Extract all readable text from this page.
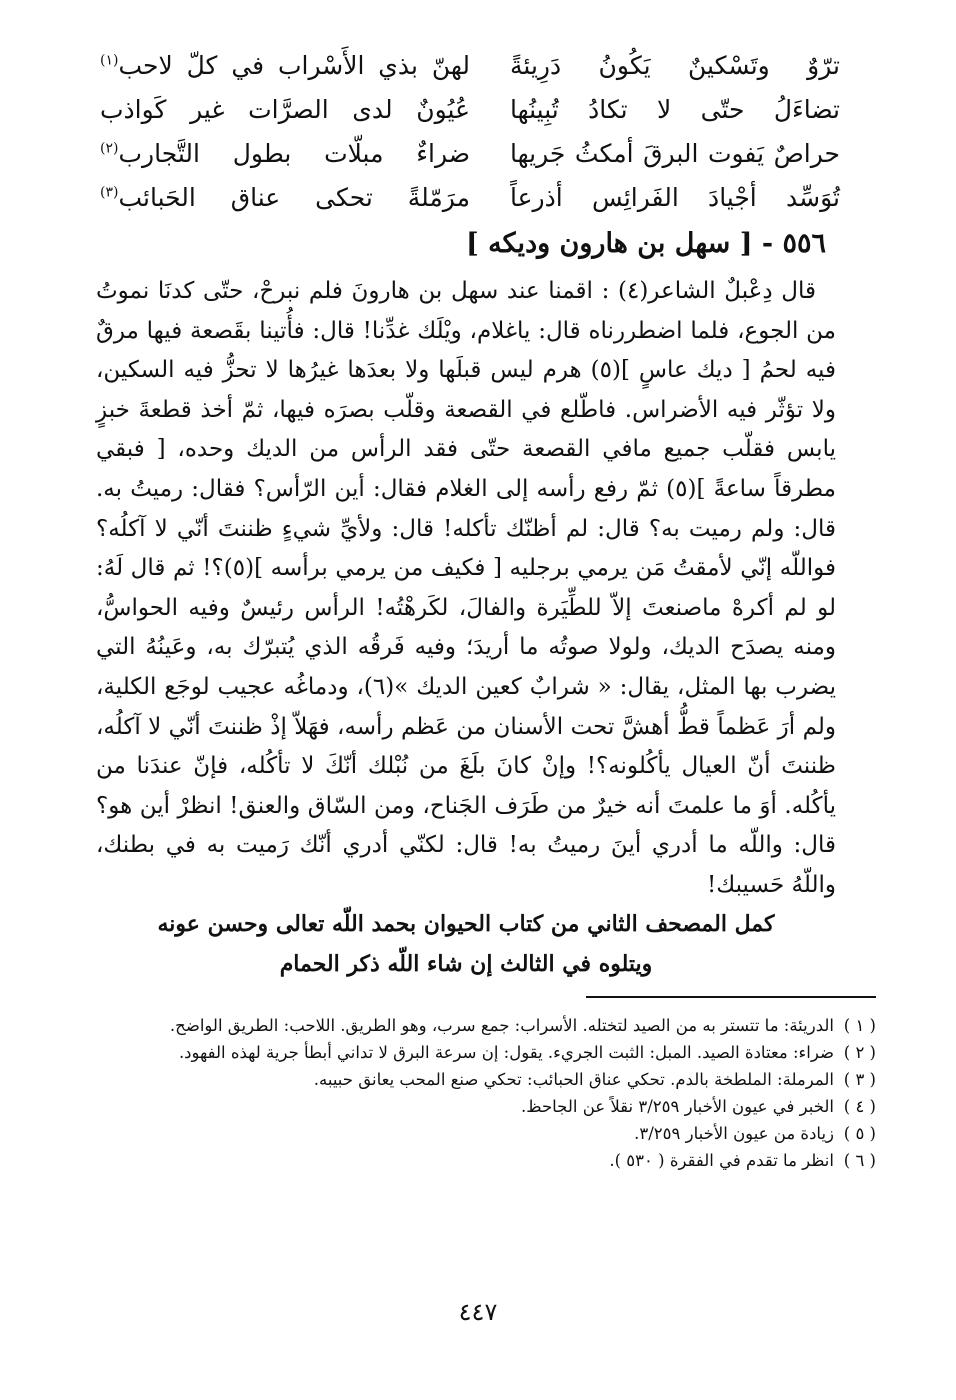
ترّوٌ وتَسْكينٌ يَكُونُ دَرِيئةً
لهنّ بذي الأَسْراب في كلّ لاحب$^{(١)}$
تضاءَلُ حتّى لا تكادُ تُبِينُها
عُيُونٌ لدى الصرَّات غير كَواذب
حراصٌ يَفوت البرقَ أمكثُ جَريها
ضراءٌ مبلّات بطول التَّجارب$^{(٢)}$
تُوَسِّد أجْيادَ الفَرائِس أذرعاً
مرَمّلةً تحكى عناق الحَبائب$^{(٣)}$
٥٥٦ - [ سهل بن هارون وديكه ]

قال دِعْبلٌ الشاعر(٤) : اقمنا عند سهل بن هارونَ فلم نبرحْ، حتّى كدنَا نموتُ من الجوع، فلما اضطررناه قال: ياغلام، ويْلَك غدِّنا! قال: فأُتينا بقَصعة فيها مرقٌ فيه لحمُ [ ديك عاسٍ ](٥) هرم ليس قبلَها ولا بعدَها غيرُها لا تحزُّ فيه السكين، ولا تؤثّر فيه الأضراس. فاطّلع في القصعة وقلّب بصرَه فيها، ثمّ أخذ قطعةَ خبزٍ يابس فقلّب جميع مافي القصعة حتّى فقد الرأس من الديك وحده، [ فبقي مطرقاً ساعةً ](٥) ثمّ رفع رأسه إلى الغلام فقال: أين الرّأس؟ فقال: رميتُ به. قال: ولم رميت به؟ قال: لم أظنّك تأكله! قال: ولأيِّ شيءٍ ظننتَ أنّي لا آكلُه؟ فواللّه إنّي لأمقتُ مَن يرمي برجليه [ فكيف من يرمي برأسه ](٥)؟! ثم قال لَهُ: لو لم أكرهْ ماصنعتَ إلاّ للطِّيَرة والفالَ، لكَرهْتُه! الرأس رئيسٌ وفيه الحواسُّ، ومنه يصدَح الديك، ولولا صوتُه ما أريدَ؛ وفيه فَرقُه الذي يُتبرّك به، وعَينُهُ التي يضرب بها المثل، يقال: « شرابٌ كعين الديك »(٦)، ودماغُه عجيب لوجَع الكلية، ولم أرَ عَظماً قطُّ أهشَّ تحت الأسنان من عَظم رأسه، فهَلاّ إذْ ظننتَ أنّي لا آكلُه، ظننتَ أنّ العيال يأكُلونه؟! وإنْ كانَ بلَغَ من نُبْلك أنّكَ لا تأكُله، فإنّ عندَنا من يأكُله. أوَ ما علمتَ أنه خيرٌ من طَرَف الجَناح، ومن السّاق والعنق! انظرْ أين هو؟ قال: واللّه ما أدري أينَ رميتُ به! قال: لكنّي أدري أنّك رَميت به في بطنك، واللّهُ حَسيبك!

كمل المصحف الثاني من كتاب الحيوان بحمد اللّه تعالى وحسن عونه
ويتلوه في الثالث إن شاء اللّه ذكر الحمام
( ١ )
الدريئة: ما تتستر به من الصيد لتختله. الأسراب: جمع سرب، وهو الطريق. اللاحب: الطريق الواضح.
( ٢ )
ضراء: معتادة الصيد. المبل: الثبت الجريء. يقول: إن سرعة البرق لا تداني أبطأ جرية لهذه الفهود.
( ٣ )
المرملة: الملطخة بالدم. تحكي عناق الحبائب: تحكي صنع المحب يعانق حبيبه.
( ٤ )
الخبر في عيون الأخبار ٣/٢٥٩ نقلاً عن الجاحظ.
( ٥ )
زيادة من عيون الأخبار ٣/٢٥٩.
( ٦ )
انظر ما تقدم في الفقرة ( ٥٣٠ ).
٤٤٧
